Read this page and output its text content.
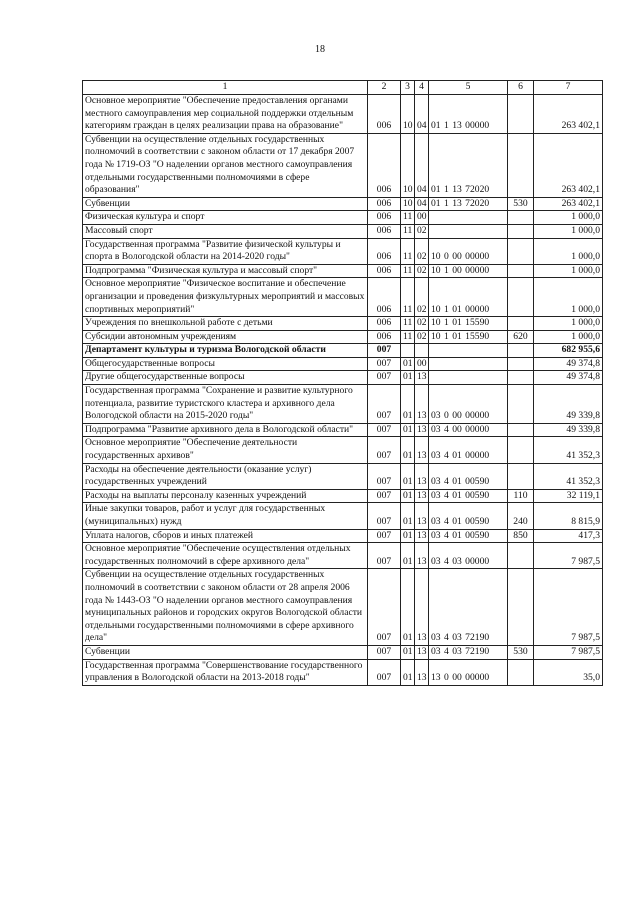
18
1	2	3	4	5	6	7
Основное мероприятие "Обеспечение предоставления органами местного самоуправления мер социальной поддержки отдельным категориям граждан в целях реализации права на образование"	006	10	04	01 1 13 00000		263 402,1
Субвенции на осуществление отдельных государственных полномочий в соответствии с законом области от 17 декабря 2007 года № 1719-ОЗ "О наделении органов местного самоуправления отдельными государственными полномочиями в сфере образования"	006	10	04	01 1 13 72020		263 402,1
Субвенции	006	10	04	01 1 13 72020	530	263 402,1
Физическая культура и спорт	006	11	00			1 000,0
Массовый спорт	006	11	02			1 000,0
Государственная программа "Развитие физической культуры и спорта в Вологодской области на 2014-2020 годы"	006	11	02	10 0 00 00000		1 000,0
Подпрограмма "Физическая культура и массовый спорт"	006	11	02	10 1 00 00000		1 000,0
Основное мероприятие "Физическое воспитание и обеспечение организации и проведения физкультурных мероприятий и массовых спортивных мероприятий"	006	11	02	10 1 01 00000		1 000,0
Учреждения по внешкольной работе с детьми	006	11	02	10 1 01 15590		1 000,0
Субсидии автономным учреждениям	006	11	02	10 1 01 15590	620	1 000,0
Департамент культуры и туризма Вологодской области	007					682 955,6
Общегосударственные вопросы	007	01	00			49 374,8
Другие общегосударственные вопросы	007	01	13			49 374,8
Государственная программа "Сохранение и развитие культурного потенциала, развитие туристского кластера и архивного дела Вологодской области на 2015-2020 годы"	007	01	13	03 0 00 00000		49 339,8
Подпрограмма "Развитие архивного дела в Вологодской области"	007	01	13	03 4 00 00000		49 339,8
Основное мероприятие "Обеспечение деятельности государственных архивов"	007	01	13	03 4 01 00000		41 352,3
Расходы на обеспечение деятельности (оказание услуг) государственных учреждений	007	01	13	03 4 01 00590		41 352,3
Расходы на выплаты персоналу казенных учреждений	007	01	13	03 4 01 00590	110	32 119,1
Иные закупки товаров, работ и услуг для государственных (муниципальных) нужд	007	01	13	03 4 01 00590	240	8 815,9
Уплата налогов, сборов и иных платежей	007	01	13	03 4 01 00590	850	417,3
Основное мероприятие "Обеспечение осуществления отдельных государственных полномочий в сфере архивного дела"	007	01	13	03 4 03 00000		7 987,5
Субвенции на осуществление отдельных государственных полномочий в соответствии с законом области от 28 апреля 2006 года № 1443-ОЗ "О наделении органов местного самоуправления муниципальных районов и городских округов Вологодской области отдельными государственными полномочиями в сфере архивного дела"	007	01	13	03 4 03 72190		7 987,5
Субвенции	007	01	13	03 4 03 72190	530	7 987,5
Государственная программа "Совершенствование государственного управления в Вологодской области на 2013-2018 годы"	007	01	13	13 0 00 00000		35,0
